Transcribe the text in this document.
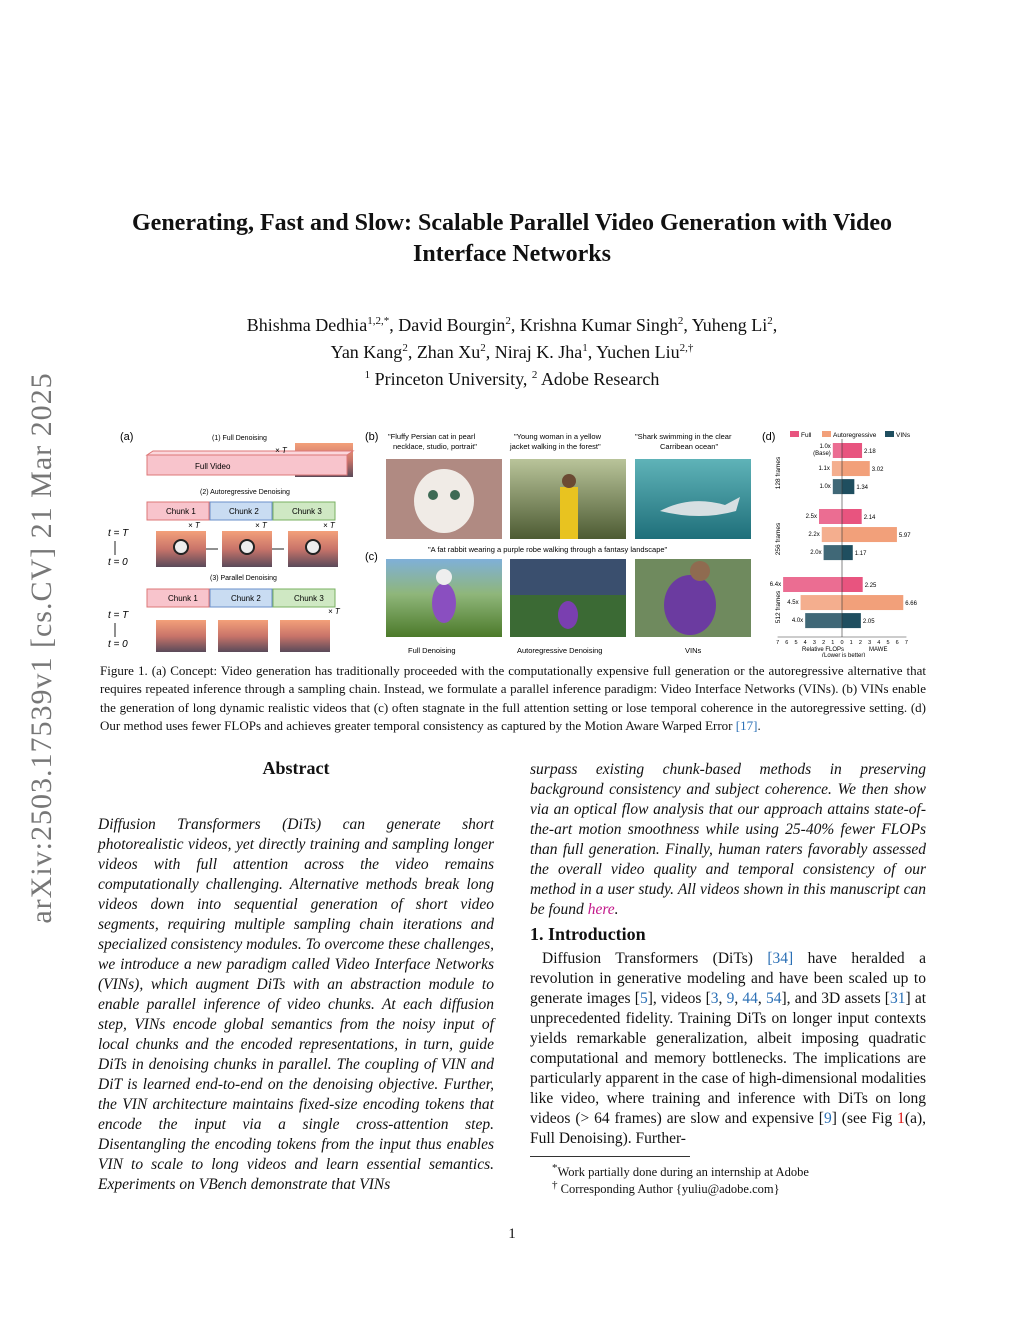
arXiv:2503.17539v1 [cs.CV] 21 Mar 2025
Generating, Fast and Slow: Scalable Parallel Video Generation with Video
Interface Networks
Bhishma Dedhia$^{1,2,*}$, David Bourgin$^2$, Krishna Kumar Singh$^2$, Yuheng Li$^2$,
Yan Kang$^2$, Zhan Xu$^2$, Niraj K. Jha$^1$, Yuchen Liu$^{2,\dagger}$
$^1$ Princeton University, $^2$ Adobe Research
(a)	(1) Full Denoising
Full Video
× T
(2) Autoregressive Denoising
Chunk 1	Chunk 2	Chunk 3
× T	× T	× T
t = T
t = 0
(3) Parallel Denoising
Chunk 1	Chunk 2	Chunk 3
× T
t = T
t = 0
(b) "Fluffy Persian cat in pearl
necklace, studio, portrait"
"Young woman in a yellow
jacket walking in the forest"
"Shark swimming in the clear
Carribean ocean"
(c)
"A fat rabbit wearing a purple robe walking through a fantasy landscape"
Full Denoising	Autoregressive Denoising	VINs
(d)	Full	Autoregressive	VINs
128 frames
1.0x
(Base)	2.18
1.1x	3.02
1.0x	1.34
256 frames
2.5x	2.14
2.2x	5.97
2.0x	1.17
512 frames
6.4x	2.25
4.5x	6.66
4.0x	2.05
7 6 5 4 3 2 1 0 1 2 3 4 5 6 7
Relative FLOPs	MAWE
(Lower is better)
Figure 1. (a) Concept: Video generation has traditionally proceeded with the computationally expensive full generation or the autoregressive alternative that requires repeated inference through a sampling chain. Instead, we formulate a parallel inference paradigm: Video Interface Networks (VINs). (b) VINs enable the generation of long dynamic realistic videos that (c) often stagnate in the full attention setting or lose temporal coherence in the autoregressive setting. (d) Our method uses fewer FLOPs and achieves greater temporal consistency as captured by the Motion Aware Warped Error [17].
Abstract
Diffusion Transformers (DiTs) can generate short photorealistic videos, yet directly training and sampling longer videos with full attention across the video remains computationally challenging. Alternative methods break long videos down into sequential generation of short video segments, requiring multiple sampling chain iterations and specialized consistency modules. To overcome these challenges, we introduce a new paradigm called Video Interface Networks (VINs), which augment DiTs with an abstraction module to enable parallel inference of video chunks. At each diffusion step, VINs encode global semantics from the noisy input of local chunks and the encoded representations, in turn, guide DiTs in denoising chunks in parallel. The coupling of VIN and DiT is learned end-to-end on the denoising objective. Further, the VIN architecture maintains fixed-size encoding tokens that encode the input via a single cross-attention step. Disentangling the encoding tokens from the input thus enables VIN to scale to long videos and learn essential semantics. Experiments on VBench demonstrate that VINs
surpass existing chunk-based methods in preserving background consistency and subject coherence. We then show via an optical flow analysis that our approach attains state-of-the-art motion smoothness while using 25-40% fewer FLOPs than full generation. Finally, human raters favorably assessed the overall video quality and temporal consistency of our method in a user study. All videos shown in this manuscript can be found here.
1. Introduction
Diffusion Transformers (DiTs) [34] have heralded a revolution in generative modeling and have been scaled up to generate images [5], videos [3, 9, 44, 54], and 3D assets [31] at unprecedented fidelity. Training DiTs on longer input contexts yields remarkable generalization, albeit imposing quadratic computational and memory bottlenecks. The implications are particularly apparent in the case of high-dimensional modalities like video, where training and inference with DiTs on long videos (> 64 frames) are slow and expensive [9] (see Fig 1(a), Full Denoising). Further-
*Work partially done during an internship at Adobe
† Corresponding Author {yuliu@adobe.com}
1
